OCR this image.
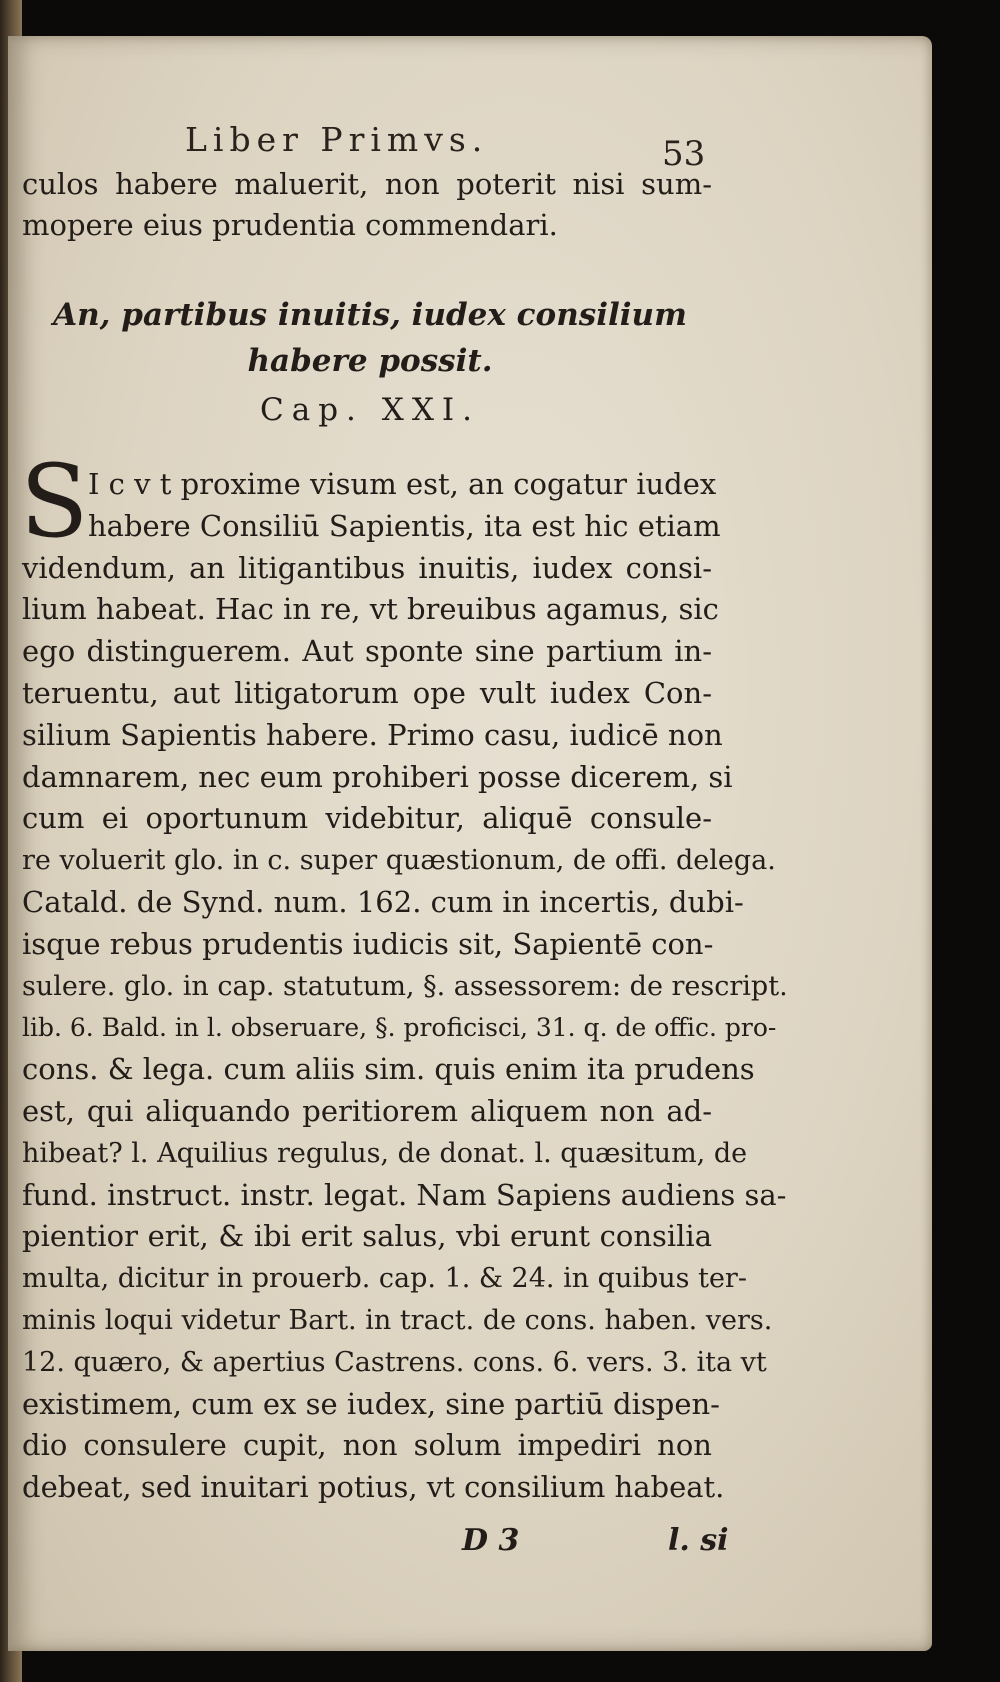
Liber Primvs.	53

culos habere maluerit, non poterit nisi sum-

mopere eius prudentia commendari.

An, partibus inuitis, iudex consilium
habere possit.
Cap. XXI.
S I c v t proxime visum est, an cogatur iudex

habere Consiliū Sapientis, ita est hic etiam

videndum, an litigantibus inuitis, iudex consi-

lium habeat. Hac in re, vt breuibus agamus, sic

ego distinguerem. Aut sponte sine partium in-

teruentu, aut litigatorum ope vult iudex Con-

silium Sapientis habere. Primo casu, iudicē non

damnarem, nec eum prohiberi posse dicerem, si

cum ei oportunum videbitur, aliquē consule-

re voluerit glo. in c. super quæstionum, de offi. delega.

Catald. de Synd. num. 162. cum in incertis, dubi-

isque rebus prudentis iudicis sit, Sapientē con-

sulere. glo. in cap. statutum, §. assessorem: de rescript.

lib. 6. Bald. in l. obseruare, §. proficisci, 31. q. de offic. pro-

cons. & lega. cum aliis sim. quis enim ita prudens

est, qui aliquando peritiorem aliquem non ad-

hibeat? l. Aquilius regulus, de donat. l. quæsitum, de

fund. instruct. instr. legat. Nam Sapiens audiens sa-

pientior erit, & ibi erit salus, vbi erunt consilia

multa, dicitur in prouerb. cap. 1. & 24. in quibus ter-

minis loqui videtur Bart. in tract. de cons. haben. vers.

12. quæro, & apertius Castrens. cons. 6. vers. 3. ita vt

existimem, cum ex se iudex, sine partiū dispen-

dio consulere cupit, non solum impediri non

debeat, sed inuitari potius, vt consilium habeat.

D 3	l. si
